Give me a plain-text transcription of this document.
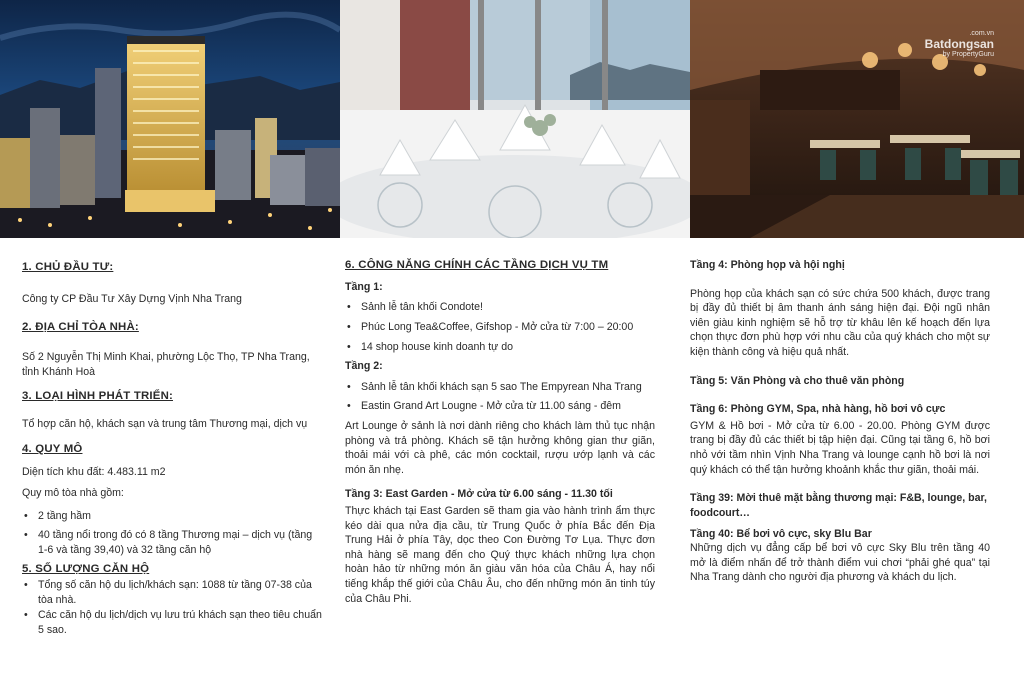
.com.vn
Batdongsan
by PropertyGuru
1. CHỦ ĐẦU TƯ:
Công ty CP Đầu Tư Xây Dựng Vịnh Nha Trang
2. ĐỊA CHỈ TÒA NHÀ:
Số 2 Nguyễn Thị Minh Khai, phường Lộc Thọ, TP Nha Trang, tỉnh Khánh Hoà
3. LOẠI HÌNH PHÁT TRIỂN:
Tổ hợp căn hộ, khách sạn và trung tâm Thương mại, dịch vụ
4. QUY MÔ
Diện tích khu đất: 4.483.11 m2
Quy mô tòa nhà gồm:
• 2 tầng hầm
• 40 tầng nổi trong đó có 8 tầng Thương mại – dịch vụ (tầng 1-6 và tầng 39,40) và 32 tầng căn hộ
5. SỐ LƯỢNG CĂN HỘ
• Tổng số căn hộ du lịch/khách sạn: 1088 từ tầng 07-38 của tòa nhà.
• Các căn hộ du lịch/dịch vụ lưu trú khách sạn theo tiêu chuẩn 5 sao.
6. CÔNG NĂNG CHÍNH CÁC TẦNG DỊCH VỤ TM
Tầng 1:
• Sảnh lễ tân khối Condote!
• Phúc Long Tea&Coffee, Gifshop - Mở cửa từ 7:00 – 20:00
• 14 shop house kinh doanh tự do
Tầng 2:
• Sảnh lễ tân khối khách sạn 5 sao The Empyrean Nha Trang
• Eastin Grand Art Lougne - Mở cửa từ 11.00 sáng - đêm
Art Lounge ở sảnh là nơi dành riêng cho khách làm thủ tục nhận phòng và trả phòng. Khách sẽ tận hưởng không gian thư giãn, thoải mái với cà phê, các món cocktail, rượu ướp lạnh và các món ăn nhẹ.
Tầng 3: East Garden - Mở cửa từ 6.00 sáng - 11.30 tối
Thực khách tại East Garden sẽ tham gia vào hành trình ẩm thực kéo dài qua nửa địa cầu, từ Trung Quốc ở phía Bắc đến Địa Trung Hải ở phía Tây, dọc theo Con Đường Tơ Lụa. Thực đơn nhà hàng sẽ mang đến cho Quý thực khách những lựa chọn hoàn hảo từ những món ăn giàu văn hóa của Châu Á, hay nổi tiếng khắp thế giới của Châu Âu, cho đến những món ăn tinh túy của Châu Phi.
Tầng 4: Phòng họp và hội nghị
Phòng họp của khách sạn có sức chứa 500 khách, được trang bị đầy đủ thiết bị âm thanh ánh sáng hiện đại. Đội ngũ nhân viên giàu kinh nghiệm sẽ hỗ trợ từ khâu lên kế hoạch đến lựa chọn thực đơn phù hợp với nhu cầu của quý khách cho một sự kiện thành công và hiệu quả nhất.
Tầng 5: Văn Phòng và cho thuê văn phòng
Tầng 6: Phòng GYM, Spa, nhà hàng, hồ bơi vô cực
GYM & Hồ bơi - Mở cửa từ 6.00 - 20.00. Phòng GYM được trang bị đầy đủ các thiết bị tập hiện đại. Cũng tại tầng 6, hồ bơi nhỏ với tầm nhìn Vịnh Nha Trang và lounge cạnh hồ bơi là nơi quý khách có thể tận hưởng khoảnh khắc thư giãn, thoải mái.
Tầng 39: Mời thuê mặt bằng thương mại: F&B, lounge, bar, foodcourt…
Tầng 40: Bể bơi vô cực, sky Blu Bar
Những dịch vụ đẳng cấp bể bơi vô cực Sky Blu trên tầng 40 mở là điểm nhấn để trở thành điểm vui chơi “phải ghé qua” tại Nha Trang dành cho người địa phương và khách du lịch.
